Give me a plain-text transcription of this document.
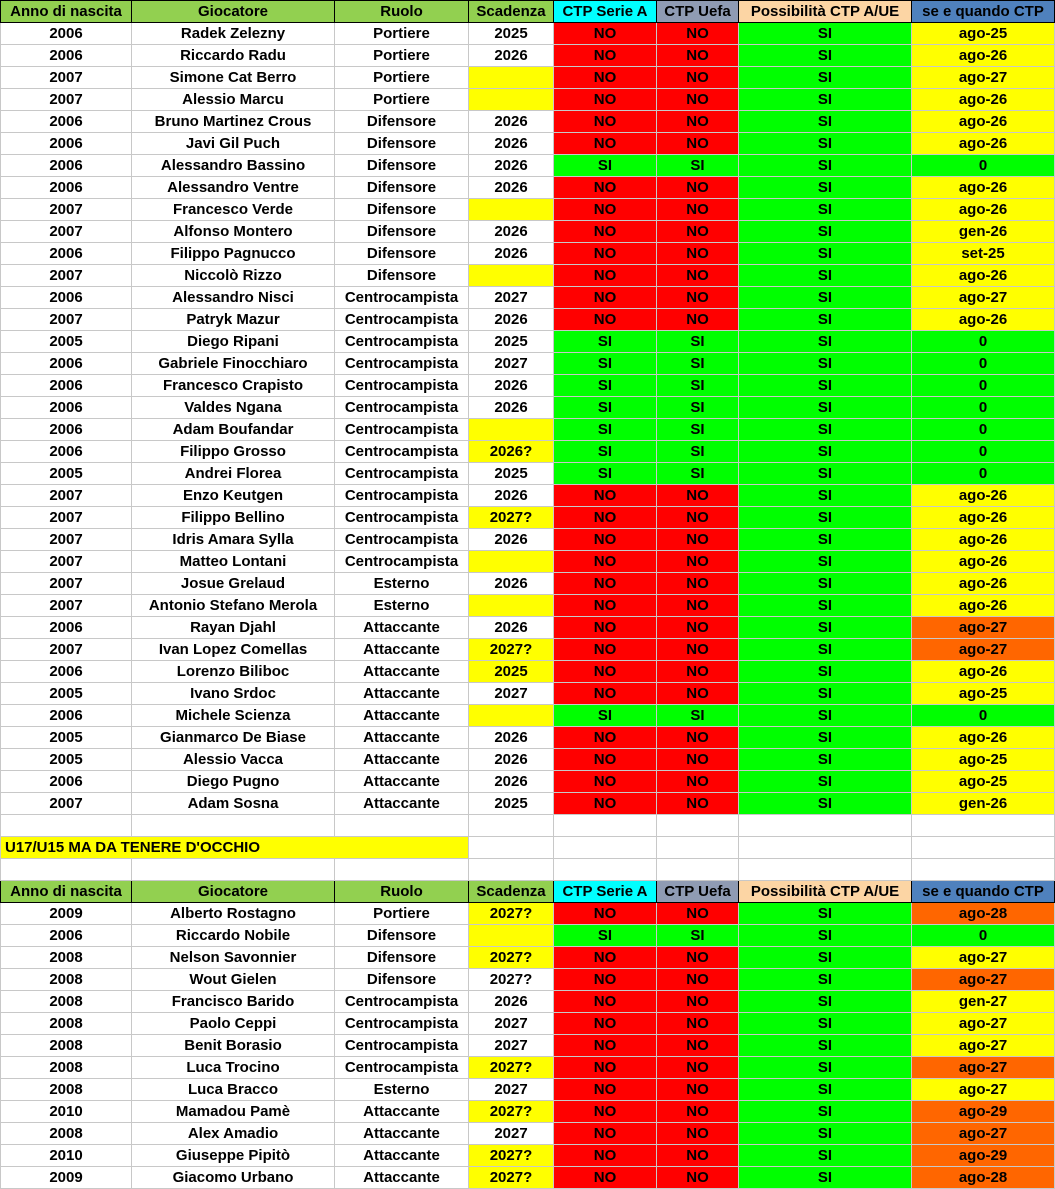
Anno di nascita	Giocatore	Ruolo	Scadenza	CTP Serie A	CTP Uefa	Possibilità CTP A/UE	se e quando CTP
2006	Radek Zelezny	Portiere	2025	NO	NO	SI	ago-25
2006	Riccardo Radu	Portiere	2026	NO	NO	SI	ago-26
2007	Simone Cat Berro	Portiere		NO	NO	SI	ago-27
2007	Alessio Marcu	Portiere		NO	NO	SI	ago-26
2006	Bruno Martinez Crous	Difensore	2026	NO	NO	SI	ago-26
2006	Javi Gil Puch	Difensore	2026	NO	NO	SI	ago-26
2006	Alessandro Bassino	Difensore	2026	SI	SI	SI	0
2006	Alessandro Ventre	Difensore	2026	NO	NO	SI	ago-26
2007	Francesco Verde	Difensore		NO	NO	SI	ago-26
2007	Alfonso Montero	Difensore	2026	NO	NO	SI	gen-26
2006	Filippo Pagnucco	Difensore	2026	NO	NO	SI	set-25
2007	Niccolò Rizzo	Difensore		NO	NO	SI	ago-26
2006	Alessandro Nisci	Centrocampista	2027	NO	NO	SI	ago-27
2007	Patryk Mazur	Centrocampista	2026	NO	NO	SI	ago-26
2005	Diego Ripani	Centrocampista	2025	SI	SI	SI	0
2006	Gabriele Finocchiaro	Centrocampista	2027	SI	SI	SI	0
2006	Francesco Crapisto	Centrocampista	2026	SI	SI	SI	0
2006	Valdes Ngana	Centrocampista	2026	SI	SI	SI	0
2006	Adam Boufandar	Centrocampista		SI	SI	SI	0
2006	Filippo Grosso	Centrocampista	2026?	SI	SI	SI	0
2005	Andrei Florea	Centrocampista	2025	SI	SI	SI	0
2007	Enzo Keutgen	Centrocampista	2026	NO	NO	SI	ago-26
2007	Filippo Bellino	Centrocampista	2027?	NO	NO	SI	ago-26
2007	Idris Amara Sylla	Centrocampista	2026	NO	NO	SI	ago-26
2007	Matteo Lontani	Centrocampista		NO	NO	SI	ago-26
2007	Josue Grelaud	Esterno	2026	NO	NO	SI	ago-26
2007	Antonio Stefano Merola	Esterno		NO	NO	SI	ago-26
2006	Rayan Djahl	Attaccante	2026	NO	NO	SI	ago-27
2007	Ivan Lopez Comellas	Attaccante	2027?	NO	NO	SI	ago-27
2006	Lorenzo Biliboc	Attaccante	2025	NO	NO	SI	ago-26
2005	Ivano Srdoc	Attaccante	2027	NO	NO	SI	ago-25
2006	Michele Scienza	Attaccante		SI	SI	SI	0
2005	Gianmarco De Biase	Attaccante	2026	NO	NO	SI	ago-26
2005	Alessio Vacca	Attaccante	2026	NO	NO	SI	ago-25
2006	Diego Pugno	Attaccante	2026	NO	NO	SI	ago-25
2007	Adam Sosna	Attaccante	2025	NO	NO	SI	gen-26

U17/U15 MA DA TENERE D'OCCHIO							

Anno di nascita	Giocatore	Ruolo	Scadenza	CTP Serie A	CTP Uefa	Possibilità CTP A/UE	se e quando CTP
2009	Alberto Rostagno	Portiere	2027?	NO	NO	SI	ago-28
2006	Riccardo Nobile	Difensore		SI	SI	SI	0
2008	Nelson Savonnier	Difensore	2027?	NO	NO	SI	ago-27
2008	Wout Gielen	Difensore	2027?	NO	NO	SI	ago-27
2008	Francisco Barido	Centrocampista	2026	NO	NO	SI	gen-27
2008	Paolo Ceppi	Centrocampista	2027	NO	NO	SI	ago-27
2008	Benit Borasio	Centrocampista	2027	NO	NO	SI	ago-27
2008	Luca Trocino	Centrocampista	2027?	NO	NO	SI	ago-27
2008	Luca Bracco	Esterno	2027	NO	NO	SI	ago-27
2010	Mamadou Pamè	Attaccante	2027?	NO	NO	SI	ago-29
2008	Alex Amadio	Attaccante	2027	NO	NO	SI	ago-27
2010	Giuseppe Pipitò	Attaccante	2027?	NO	NO	SI	ago-29
2009	Giacomo Urbano	Attaccante	2027?	NO	NO	SI	ago-28
